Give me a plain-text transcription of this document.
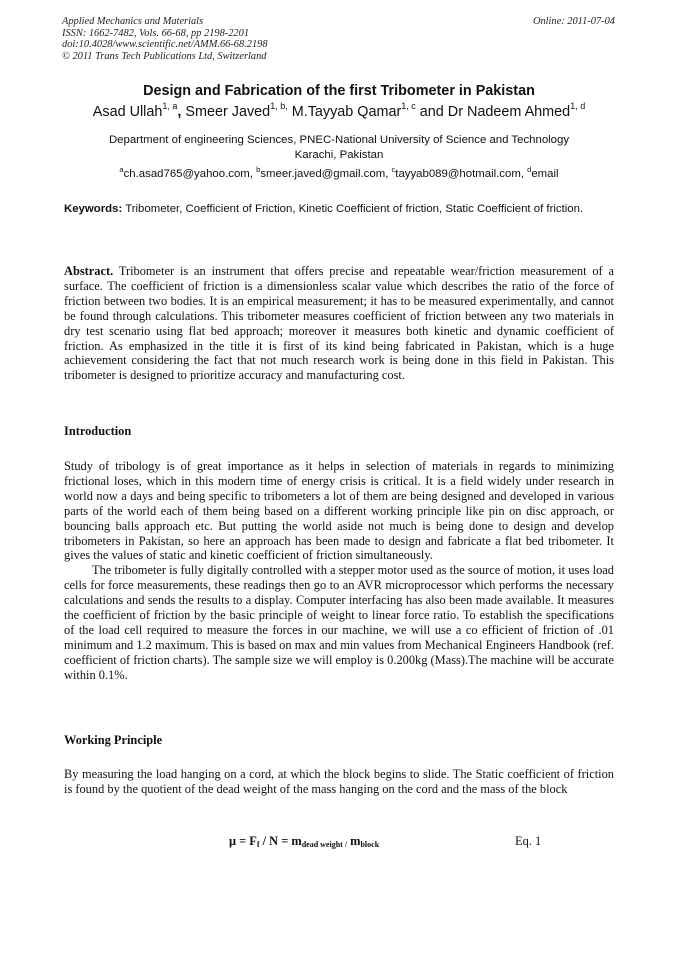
Applied Mechanics and Materials
ISSN: 1662-7482, Vols. 66-68, pp 2198-2201
doi:10.4028/www.scientific.net/AMM.66-68.2198
© 2011 Trans Tech Publications Ltd, Switzerland
Online: 2011-07-04
Design and Fabrication of the first Tribometer in Pakistan
Asad Ullah$^{1, a}$, Smeer Javed$^{1, b,}$ M.Tayyab Qamar$^{1, c}$ and Dr Nadeem Ahmed$^{1, d}$
Department of engineering Sciences, PNEC-National University of Science and Technology
Karachi, Pakistan
$^a$ch.asad765@yahoo.com, $^b$smeer.javed@gmail.com, $^c$tayyab089@hotmail.com, $^d$email
Keywords: Tribometer, Coefficient of Friction, Kinetic Coefficient of friction, Static Coefficient of friction.

Abstract. Tribometer is an instrument that offers precise and repeatable wear/friction measurement of a surface. The coefficient of friction is a dimensionless scalar value which describes the ratio of the force of friction between two bodies. It is an empirical measurement; it has to be measured experimentally, and cannot be found through calculations. This tribometer measures coefficient of friction between any two materials in dry test scenario using flat bed approach; moreover it measures both kinetic and dynamic coefficient of friction. As emphasized in the title it is first of its kind being fabricated in Pakistan, which is a huge achievement considering the fact that not much research work is being done in this field in Pakistan. This tribometer is designed to prioritize accuracy and manufacturing cost.

Introduction

Study of tribology is of great importance as it helps in selection of materials in regards to minimizing frictional loses, which in this modern time of energy crisis is critical. It is a field widely under research in world now a days and being specific to tribometers a lot of them are being designed and developed in various parts of the world each of them being based on a different working principle like pin on disc approach, or bouncing balls approach etc. But putting the world aside not much is being done to design and develop tribometers in Pakistan, so here an approach has been made to design and fabricate a flat bed tribometer. It gives the values of static and kinetic coefficient of friction simultaneously.

The tribometer is fully digitally controlled with a stepper motor used as the source of motion, it uses load cells for force measurements, these readings then go to an AVR microprocessor which performs the necessary calculations and sends the results to a display. Computer interfacing has also been made available. It measures the coefficient of friction by the basic principle of weight to linear force ratio. To establish the specifications of the load cell required to measure the forces in our machine, we will use a co efficient of friction of .01 minimum and 1.2 maximum. This is based on max and min values from Mechanical Engineers Handbook (ref. coefficient of friction charts). The sample size we will employ is 0.200kg (Mass).The machine will be accurate within 0.1%.

Working Principle

By measuring the load hanging on a cord, at which the block begins to slide. The Static coefficient of friction is found by the quotient of the dead weight of the mass hanging on the cord and the mass of the block

$\mu = F_f / N = m_{dead weight /}$ $m_{block}$	Eq. 1
